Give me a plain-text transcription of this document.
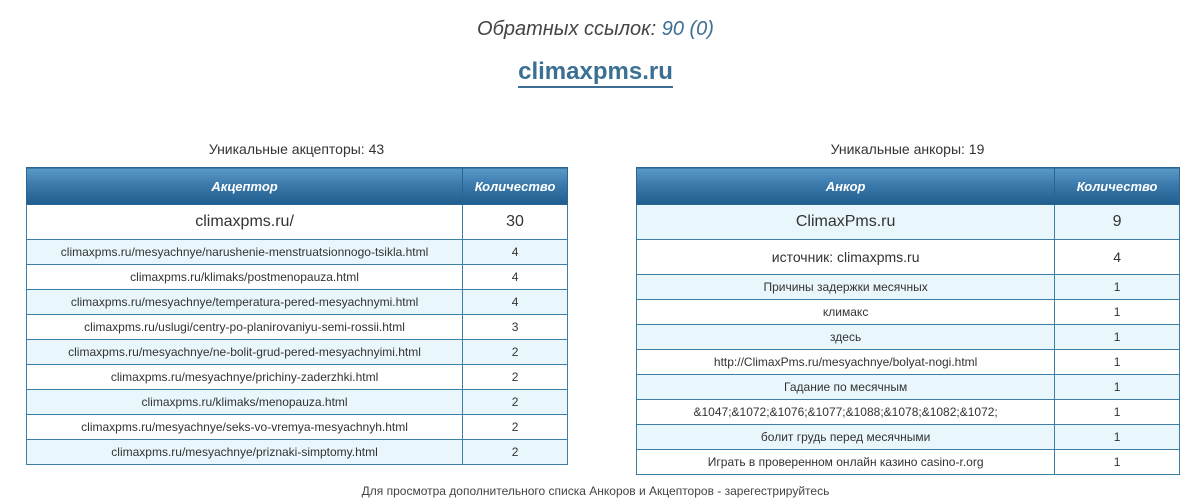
Обратных ссылок: 90 (0)
climaxpms.ru
Уникальные акцепторы: 43
Акцептор	Количество
climaxpms.ru/	30
climaxpms.ru/mesyachnye/narushenie-menstruatsionnogo-tsikla.html	4
climaxpms.ru/klimaks/postmenopauza.html	4
climaxpms.ru/mesyachnye/temperatura-pered-mesyachnymi.html	4
climaxpms.ru/uslugi/centry-po-planirovaniyu-semi-rossii.html	3
climaxpms.ru/mesyachnye/ne-bolit-grud-pered-mesyachnyimi.html	2
climaxpms.ru/mesyachnye/prichiny-zaderzhki.html	2
climaxpms.ru/klimaks/menopauza.html	2
climaxpms.ru/mesyachnye/seks-vo-vremya-mesyachnyh.html	2
climaxpms.ru/mesyachnye/priznaki-simptomy.html	2
Уникальные анкоры: 19
Анкор	Количество
ClimaxPms.ru	9
источник: climaxpms.ru	4
Причины задержки месячных	1
климакс	1
здесь	1
http://ClimaxPms.ru/mesyachnye/bolyat-nogi.html	1
Гадание по месячным	1
&1047;&1072;&1076;&1077;&1088;&1078;&1082;&1072;	1
болит грудь перед месячными	1
Играть в проверенном онлайн казино casino-r.org	1
Для просмотра дополнительного списка Анкоров и Акцепторов - зарегестрируйтесь
